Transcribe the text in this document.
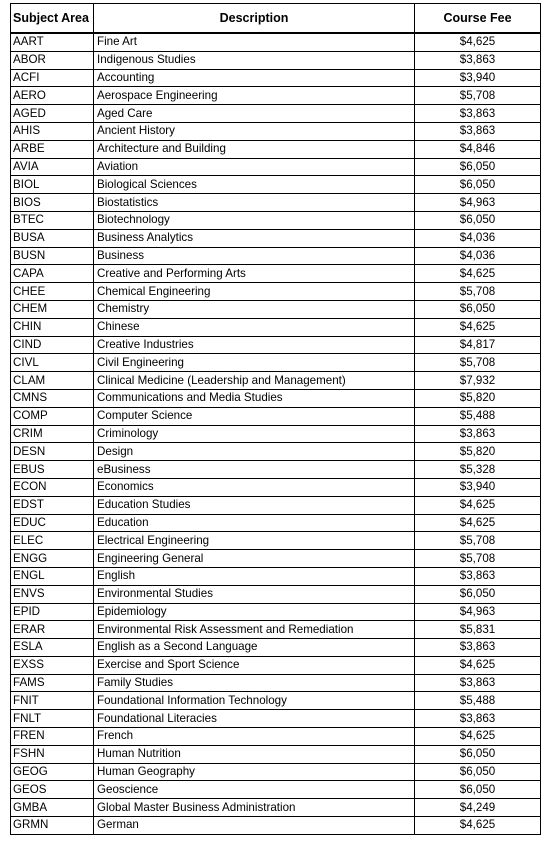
Subject Area	Description	Course Fee
AART	Fine Art	$4,625
ABOR	Indigenous Studies	$3,863
ACFI	Accounting	$3,940
AERO	Aerospace Engineering	$5,708
AGED	Aged Care	$3,863
AHIS	Ancient History	$3,863
ARBE	Architecture and Building	$4,846
AVIA	Aviation	$6,050
BIOL	Biological Sciences	$6,050
BIOS	Biostatistics	$4,963
BTEC	Biotechnology	$6,050
BUSA	Business Analytics	$4,036
BUSN	Business	$4,036
CAPA	Creative and Performing Arts	$4,625
CHEE	Chemical Engineering	$5,708
CHEM	Chemistry	$6,050
CHIN	Chinese	$4,625
CIND	Creative Industries	$4,817
CIVL	Civil Engineering	$5,708
CLAM	Clinical Medicine (Leadership and Management)	$7,932
CMNS	Communications and Media Studies	$5,820
COMP	Computer Science	$5,488
CRIM	Criminology	$3,863
DESN	Design	$5,820
EBUS	eBusiness	$5,328
ECON	Economics	$3,940
EDST	Education Studies	$4,625
EDUC	Education	$4,625
ELEC	Electrical Engineering	$5,708
ENGG	Engineering General	$5,708
ENGL	English	$3,863
ENVS	Environmental Studies	$6,050
EPID	Epidemiology	$4,963
ERAR	Environmental Risk Assessment and Remediation	$5,831
ESLA	English as a Second Language	$3,863
EXSS	Exercise and Sport Science	$4,625
FAMS	Family Studies	$3,863
FNIT	Foundational Information Technology	$5,488
FNLT	Foundational Literacies	$3,863
FREN	French	$4,625
FSHN	Human Nutrition	$6,050
GEOG	Human Geography	$6,050
GEOS	Geoscience	$6,050
GMBA	Global Master Business Administration	$4,249
GRMN	German	$4,625
